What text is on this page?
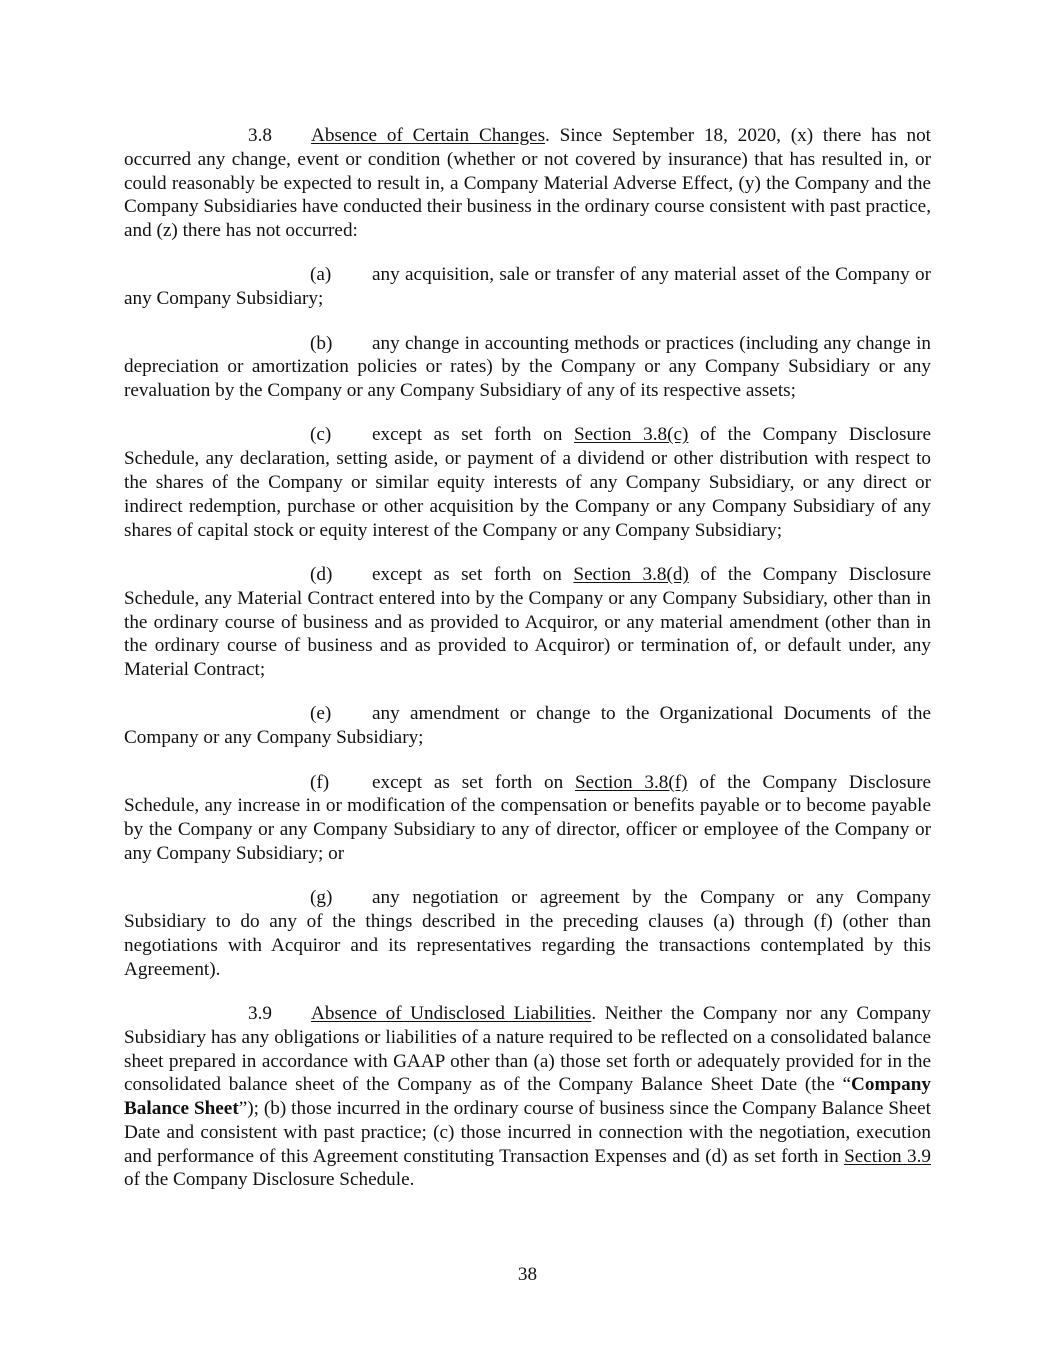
3.8 Absence of Certain Changes. Since September 18, 2020, (x) there has not occurred any change, event or condition (whether or not covered by insurance) that has resulted in, or could reasonably be expected to result in, a Company Material Adverse Effect, (y) the Company and the Company Subsidiaries have conducted their business in the ordinary course consistent with past practice, and (z) there has not occurred:

(a) any acquisition, sale or transfer of any material asset of the Company or any Company Subsidiary;

(b) any change in accounting methods or practices (including any change in depreciation or amortization policies or rates) by the Company or any Company Subsidiary or any revaluation by the Company or any Company Subsidiary of any of its respective assets;

(c) except as set forth on Section 3.8(c) of the Company Disclosure Schedule, any declaration, setting aside, or payment of a dividend or other distribution with respect to the shares of the Company or similar equity interests of any Company Subsidiary, or any direct or indirect redemption, purchase or other acquisition by the Company or any Company Subsidiary of any shares of capital stock or equity interest of the Company or any Company Subsidiary;

(d) except as set forth on Section 3.8(d) of the Company Disclosure Schedule, any Material Contract entered into by the Company or any Company Subsidiary, other than in the ordinary course of business and as provided to Acquiror, or any material amendment (other than in the ordinary course of business and as provided to Acquiror) or termination of, or default under, any Material Contract;

(e) any amendment or change to the Organizational Documents of the Company or any Company Subsidiary;

(f) except as set forth on Section 3.8(f) of the Company Disclosure Schedule, any increase in or modification of the compensation or benefits payable or to become payable by the Company or any Company Subsidiary to any of director, officer or employee of the Company or any Company Subsidiary; or

(g) any negotiation or agreement by the Company or any Company Subsidiary to do any of the things described in the preceding clauses (a) through (f) (other than negotiations with Acquiror and its representatives regarding the transactions contemplated by this Agreement).

3.9 Absence of Undisclosed Liabilities. Neither the Company nor any Company Subsidiary has any obligations or liabilities of a nature required to be reflected on a consolidated balance sheet prepared in accordance with GAAP other than (a) those set forth or adequately provided for in the consolidated balance sheet of the Company as of the Company Balance Sheet Date (the “Company Balance Sheet”); (b) those incurred in the ordinary course of business since the Company Balance Sheet Date and consistent with past practice; (c) those incurred in connection with the negotiation, execution and performance of this Agreement constituting Transaction Expenses and (d) as set forth in Section 3.9 of the Company Disclosure Schedule.

38
